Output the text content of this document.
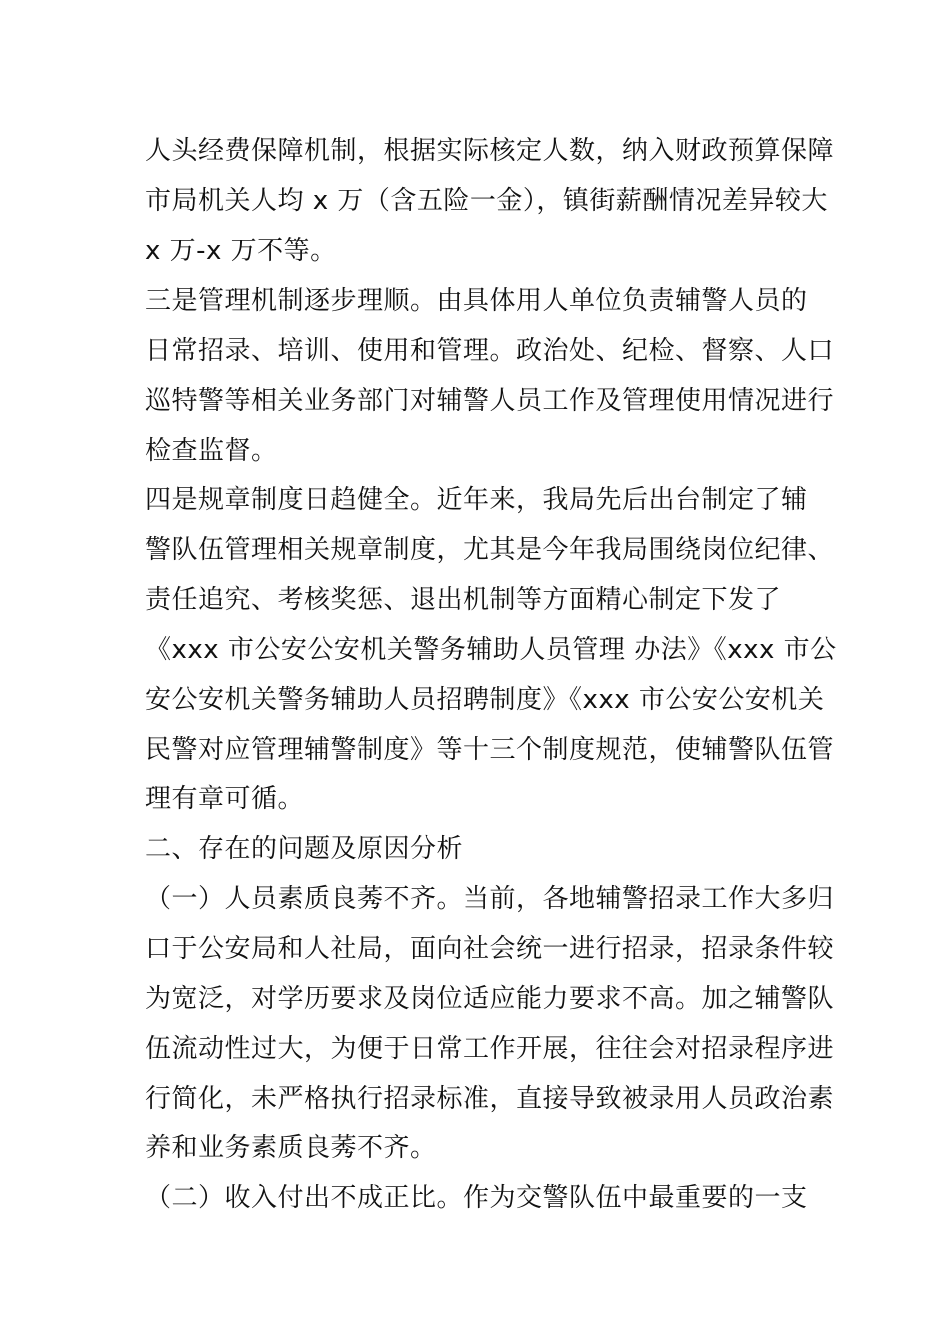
人头经费保障机制，根据实际核定人数，纳入财政预算保障
市局机关人均 x 万（含五险一金），镇街薪酬情况差异较大
x 万-x 万不等。
三是管理机制逐步理顺。由具体用人单位负责辅警人员的
日常招录、培训、使用和管理。政治处、纪检、督察、人口
巡特警等相关业务部门对辅警人员工作及管理使用情况进行
检查监督。
四是规章制度日趋健全。近年来，我局先后出台制定了辅
警队伍管理相关规章制度，尤其是今年我局围绕岗位纪律、
责任追究、考核奖惩、退出机制等方面精心制定下发了
《xxx 市公安公安机关警务辅助人员管理 办法》《xxx 市公
安公安机关警务辅助人员招聘制度》《xxx 市公安公安机关
民警对应管理辅警制度》等十三个制度规范，使辅警队伍管
理有章可循。
二、存在的问题及原因分析
（一）人员素质良莠不齐。当前，各地辅警招录工作大多归
口于公安局和人社局，面向社会统一进行招录，招录条件较
为宽泛，对学历要求及岗位适应能力要求不高。加之辅警队
伍流动性过大，为便于日常工作开展，往往会对招录程序进
行简化，未严格执行招录标准，直接导致被录用人员政治素
养和业务素质良莠不齐。
（二）收入付出不成正比。作为交警队伍中最重要的一支
